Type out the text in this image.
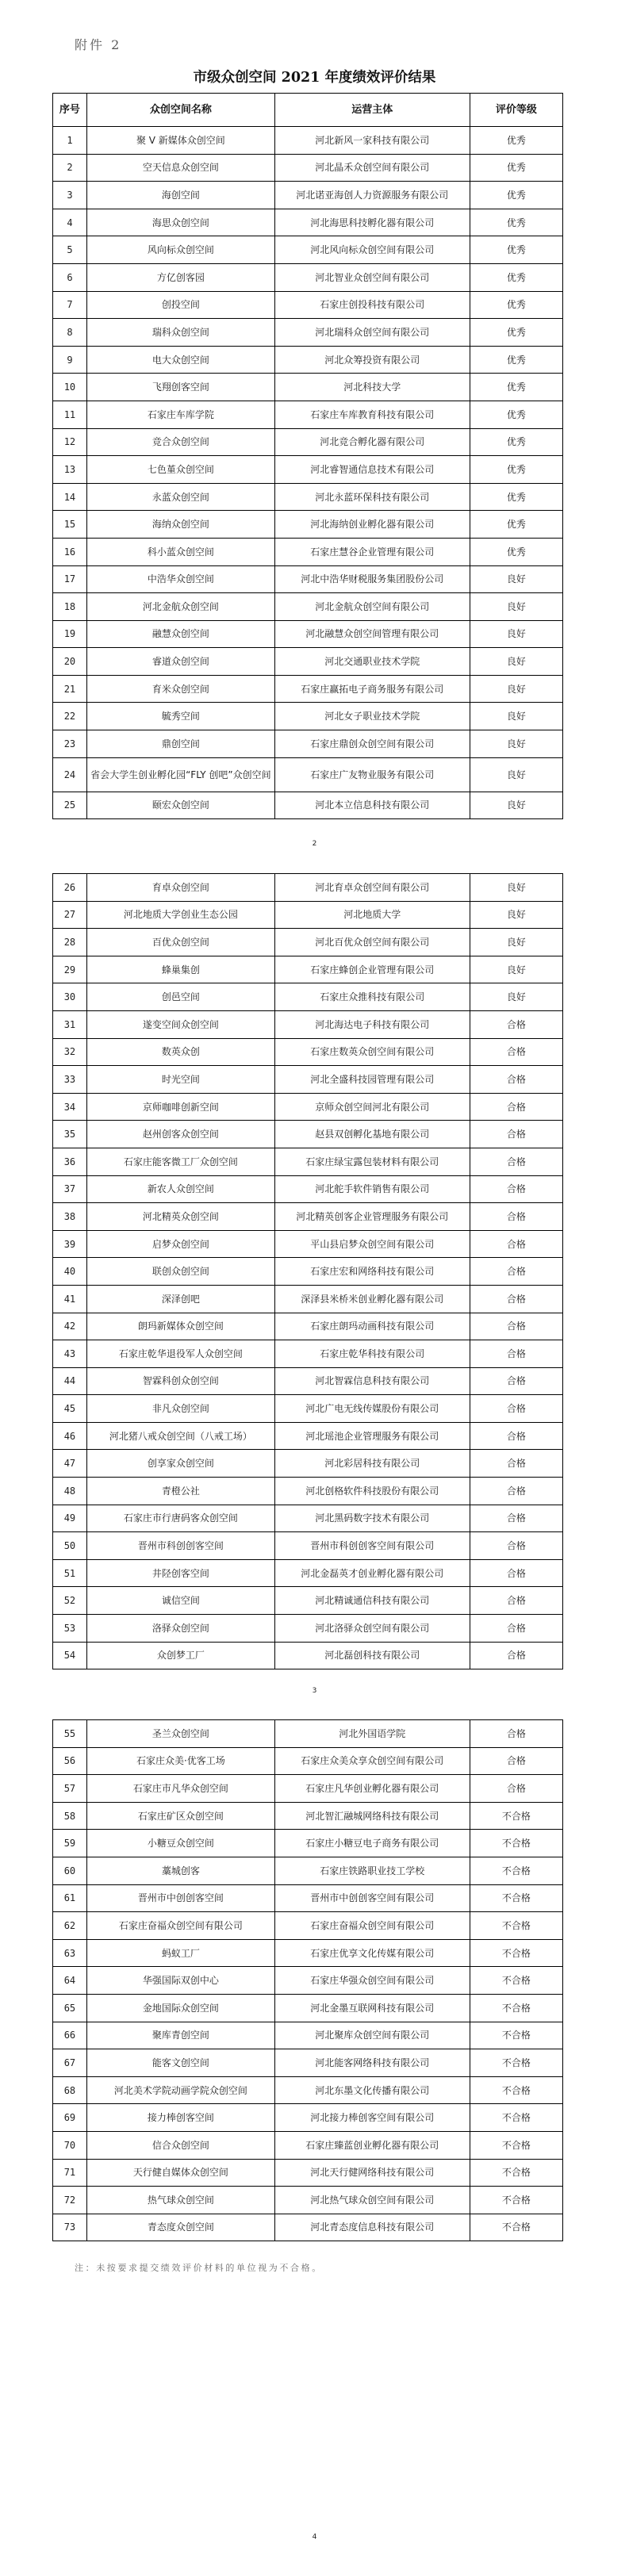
附件 2
市级众创空间 2021 年度绩效评价结果
序号	众创空间名称	运营主体	评价等级
1	聚 V 新媒体众创空间	河北新风一家科技有限公司	优秀
2	空天信息众创空间	河北晶禾众创空间有限公司	优秀
3	海创空间	河北诺亚海创人力资源服务有限公司	优秀
4	海思众创空间	河北海思科技孵化器有限公司	优秀
5	风向标众创空间	河北风向标众创空间有限公司	优秀
6	方亿创客园	河北智业众创空间有限公司	优秀
7	创投空间	石家庄创投科技有限公司	优秀
8	瑞科众创空间	河北瑞科众创空间有限公司	优秀
9	电大众创空间	河北众筹投资有限公司	优秀
10	飞翔创客空间	河北科技大学	优秀
11	石家庄车库学院	石家庄车库教育科技有限公司	优秀
12	竞合众创空间	河北竞合孵化器有限公司	优秀
13	七色堇众创空间	河北睿智通信息技术有限公司	优秀
14	永蓝众创空间	河北永蓝环保科技有限公司	优秀
15	海纳众创空间	河北海纳创业孵化器有限公司	优秀
16	科小蓝众创空间	石家庄慧谷企业管理有限公司	优秀
17	中浩华众创空间	河北中浩华财税服务集团股份公司	良好
18	河北金航众创空间	河北金航众创空间有限公司	良好
19	融慧众创空间	河北融慧众创空间管理有限公司	良好
20	睿道众创空间	河北交通职业技术学院	良好
21	育米众创空间	石家庄赢拓电子商务服务有限公司	良好
22	毓秀空间	河北女子职业技术学院	良好
23	鼎创空间	石家庄鼎创众创空间有限公司	良好
24	省会大学生创业孵化园“FLY 创吧”众创空间	石家庄广友物业服务有限公司	良好
25	颐宏众创空间	河北本立信息科技有限公司	良好
2
26	育卓众创空间	河北育卓众创空间有限公司	良好
27	河北地质大学创业生态公园	河北地质大学	良好
28	百优众创空间	河北百优众创空间有限公司	良好
29	蜂巢集创	石家庄蜂创企业管理有限公司	良好
30	创邑空间	石家庄众推科技有限公司	良好
31	遂变空间众创空间	河北海达电子科技有限公司	合格
32	数英众创	石家庄数英众创空间有限公司	合格
33	时光空间	河北全盛科技园管理有限公司	合格
34	京师咖啡创新空间	京师众创空间河北有限公司	合格
35	赵州创客众创空间	赵县双创孵化基地有限公司	合格
36	石家庄能客微工厂众创空间	石家庄绿宝露包装材料有限公司	合格
37	新农人众创空间	河北舵手软件销售有限公司	合格
38	河北精英众创空间	河北精英创客企业管理服务有限公司	合格
39	启梦众创空间	平山县启梦众创空间有限公司	合格
40	联创众创空间	石家庄宏和网络科技有限公司	合格
41	深泽创吧	深泽县米桥米创业孵化器有限公司	合格
42	朗玛新媒体众创空间	石家庄朗玛动画科技有限公司	合格
43	石家庄乾华退役军人众创空间	石家庄乾华科技有限公司	合格
44	智霖科创众创空间	河北智霖信息科技有限公司	合格
45	非凡众创空间	河北广电无线传媒股份有限公司	合格
46	河北猪八戒众创空间（八戒工场）	河北瑶池企业管理服务有限公司	合格
47	创享家众创空间	河北彩居科技有限公司	合格
48	青橙公社	河北创格软件科技股份有限公司	合格
49	石家庄市行唐码客众创空间	河北黑码数字技术有限公司	合格
50	晋州市科创创客空间	晋州市科创创客空间有限公司	合格
51	井陉创客空间	河北金磊英才创业孵化器有限公司	合格
52	诚信空间	河北精诚通信科技有限公司	合格
53	洛驿众创空间	河北洛驿众创空间有限公司	合格
54	众创梦工厂	河北磊创科技有限公司	合格
3
55	圣兰众创空间	河北外国语学院	合格
56	石家庄众美·优客工场	石家庄众美众享众创空间有限公司	合格
57	石家庄市凡华众创空间	石家庄凡华创业孵化器有限公司	合格
58	石家庄矿区众创空间	河北智汇融城网络科技有限公司	不合格
59	小糖豆众创空间	石家庄小糖豆电子商务有限公司	不合格
60	藁城创客	石家庄铁路职业技工学校	不合格
61	晋州市中创创客空间	晋州市中创创客空间有限公司	不合格
62	石家庄奋福众创空间有限公司	石家庄奋福众创空间有限公司	不合格
63	蚂蚁工厂	石家庄优享文化传媒有限公司	不合格
64	华强国际双创中心	石家庄华强众创空间有限公司	不合格
65	金地国际众创空间	河北金墨互联网科技有限公司	不合格
66	聚库青创空间	河北聚库众创空间有限公司	不合格
67	能客文创空间	河北能客网络科技有限公司	不合格
68	河北美术学院动画学院众创空间	河北东墨文化传播有限公司	不合格
69	接力棒创客空间	河北接力棒创客空间有限公司	不合格
70	信合众创空间	石家庄臻蓝创业孵化器有限公司	不合格
71	天行健自媒体众创空间	河北天行健网络科技有限公司	不合格
72	热气球众创空间	河北热气球众创空间有限公司	不合格
73	青态度众创空间	河北青态度信息科技有限公司	不合格
注：未按要求提交绩效评价材料的单位视为不合格。
4
